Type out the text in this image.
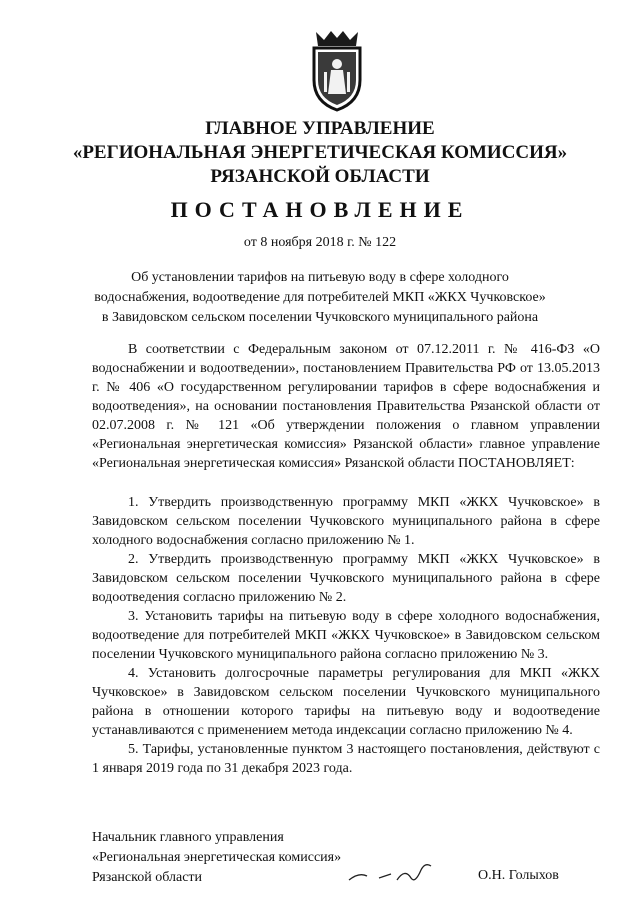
ГЛАВНОЕ УПРАВЛЕНИЕ
«РЕГИОНАЛЬНАЯ ЭНЕРГЕТИЧЕСКАЯ КОМИССИЯ»
РЯЗАНСКОЙ ОБЛАСТИ
ПОСТАНОВЛЕНИЕ
от 8 ноября 2018 г. № 122
Об установлении тарифов на питьевую воду в сфере холодного
водоснабжения, водоотведение для потребителей МКП «ЖКХ Чучковское»
в Завидовском сельском поселении Чучковского муниципального района
В соответствии с Федеральным законом от 07.12.2011 г. № 416-ФЗ «О водоснабжении и водоотведении», постановлением Правительства РФ от 13.05.2013 г. № 406 «О государственном регулировании тарифов в сфере водоснабжения и водоотведения», на основании постановления Правительства Рязанской области от 02.07.2008 г. № 121 «Об утверждении положения о главном управлении «Региональная энергетическая комиссия» Рязанской области» главное управление «Региональная энергетическая комиссия» Рязанской области ПОСТАНОВЛЯЕТ:

1. Утвердить производственную программу МКП «ЖКХ Чучковское» в Завидовском сельском поселении Чучковского муниципального района в сфере холодного водоснабжения согласно приложению № 1.

2. Утвердить производственную программу МКП «ЖКХ Чучковское» в Завидовском сельском поселении Чучковского муниципального района в сфере водоотведения согласно приложению № 2.

3. Установить тарифы на питьевую воду в сфере холодного водоснабжения, водоотведение для потребителей МКП «ЖКХ Чучковское» в Завидовском сельском поселении Чучковского муниципального района согласно приложению № 3.

4. Установить долгосрочные параметры регулирования для МКП «ЖКХ Чучковское» в Завидовском сельском поселении Чучковского муниципального района в отношении которого тарифы на питьевую воду и водоотведение устанавливаются с применением метода индексации согласно приложению № 4.

5. Тарифы, установленные пунктом 3 настоящего постановления, действуют с 1 января 2019 года по 31 декабря 2023 года.

Начальник главного управления
«Региональная энергетическая комиссия»
Рязанской области	О.Н. Голыхов
